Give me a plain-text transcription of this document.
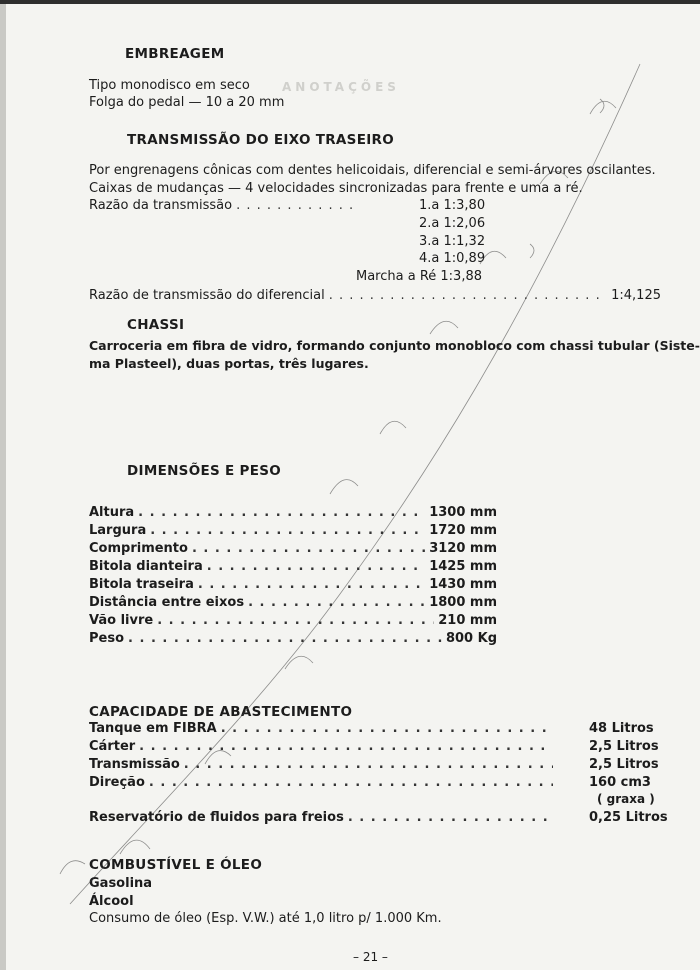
ANOTAÇÕES
EMBREAGEM
Tipo monodisco em seco
Folga do pedal — 10 a 20 mm
TRANSMISSÃO DO EIXO TRASEIRO
Por engrenagens cônicas com dentes helicoidais, diferencial e semi-árvores oscilantes.
Caixas de mudanças — 4 velocidades sincronizadas para frente e uma a ré.
Razão da transmissão . . .	1.a 1:3,80
2.a 1:2,06
3.a 1:1,32
4.a 1:0,89
Marcha a Ré 1:3,88
Razão de transmissão do diferencial . . .	1:4,125
CHASSI
Carroceria em fibra de vidro, formando conjunto monobloco com chassi tubular (Siste-
ma Plasteel), duas portas, três lugares.
DIMENSÕES E PESO
Altura . . .	1300 mm
Largura . . .	1720 mm
Comprimento . . .	3120 mm
Bitola dianteira . . .	1425 mm
Bitola traseira . . .	1430 mm
Distância entre eixos . . .	1800 mm
Vão livre . . .	210 mm
Peso . . .	800 Kg
CAPACIDADE DE ABASTECIMENTO
Tanque em FIBRA . . .	48 Litros
Cárter . . .	2,5 Litros
Transmissão . . .	2,5 Litros
Direção . . .	160 cm3
( graxa )
Reservatório de fluidos para freios . . .	0,25 Litros
COMBUSTÍVEL E ÓLEO
Gasolina
Álcool
Consumo de óleo (Esp. V.W.) até 1,0 litro p/ 1.000 Km.
– 21 –
